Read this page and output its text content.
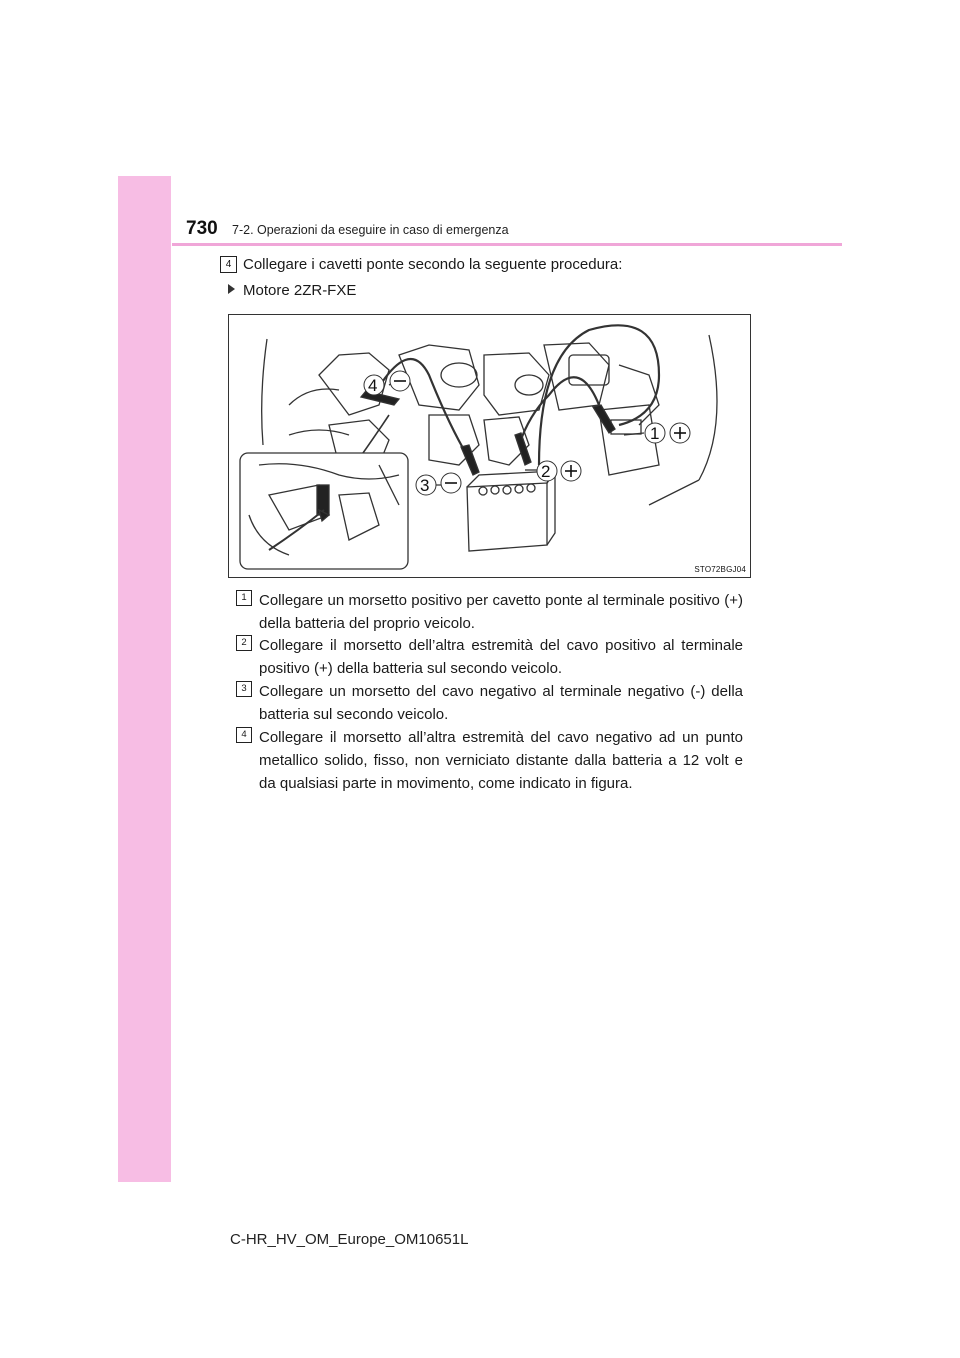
730 7-2. Operazioni da eseguire in caso di emergenza
4 Collegare i cavetti ponte secondo la seguente procedura:
Motore 2ZR-FXE
4
3
2
1
STO72BGJ04
1 Collegare un morsetto positivo per cavetto ponte al terminale positivo (+) della batteria del proprio veicolo.
2 Collegare il morsetto dell’altra estremità del cavo positivo al terminale positivo (+) della batteria sul secondo veicolo.
3 Collegare un morsetto del cavo negativo al terminale negativo (-) della batteria sul secondo veicolo.
4 Collegare il morsetto all’altra estremità del cavo negativo ad un punto metallico solido, fisso, non verniciato distante dalla batteria a 12 volt e da qualsiasi parte in movimento, come indicato in figura.
C-HR_HV_OM_Europe_OM10651L
